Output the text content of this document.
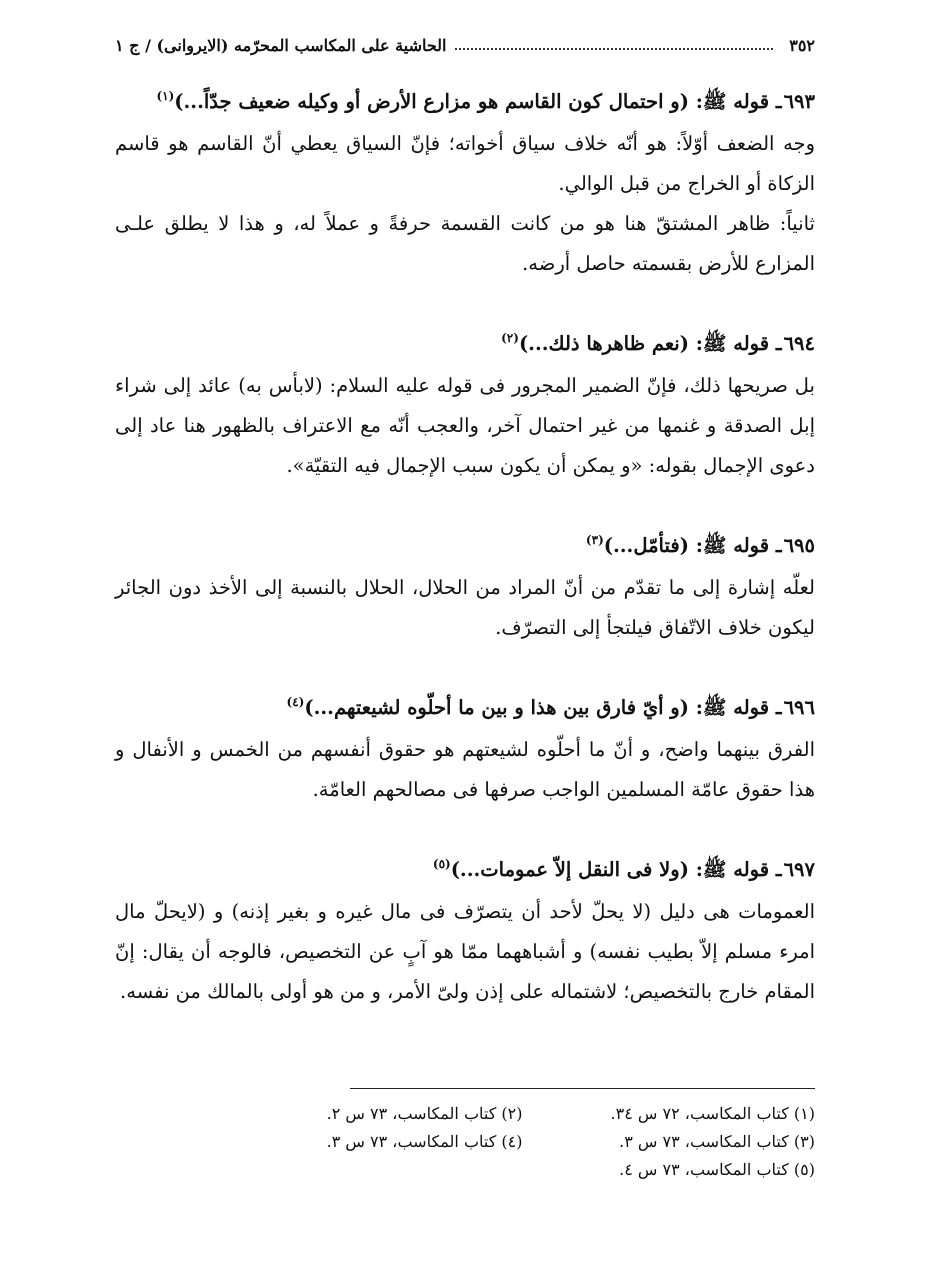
٣٥٢
الحاشية على المكاسب المحرّمه (الايروانى) / ج ١

٦٩٣ـ قوله ﷺ: (و احتمال كون القاسم هو مزارع الأرض أو وكيله ضعيف جدّاً...)$^{(١)}$

وجه الضعف أوّلاً: هو أنّه خلاف سياق أخواته؛ فإنّ السياق يعطي أنّ القاسم هو قاسم الزكاة أو الخراج من قبل الوالي.

ثانياً: ظاهر المشتقّ هنا هو من كانت القسمة حرفةً و عملاً له، و هذا لا يطلق علـى المزارع للأرض بقسمته حاصل أرضه.

٦٩٤ـ قوله ﷺ: (نعم ظاهرها ذلك...)$^{(٢)}$

بل صريحها ذلك، فإنّ الضمير المجرور فى قوله عليه السلام: (لابأس به) عائد إلى شراء إبل الصدقة و غنمها من غير احتمال آخر، والعجب أنّه مع الاعتراف بالظهور هنا عاد إلى دعوى الإجمال بقوله: «و يمكن أن يكون سبب الإجمال فيه التقيّة».

٦٩٥ـ قوله ﷺ: (فتأمّل...)$^{(٣)}$

لعلّه إشارة إلى ما تقدّم من أنّ المراد من الحلال، الحلال بالنسبة إلى الأخذ دون الجائر ليكون خلاف الاتّفاق فيلتجأ إلى التصرّف.

٦٩٦ـ قوله ﷺ: (و أيّ فارق بين هذا و بين ما أحلّوه لشيعتهم...)$^{(٤)}$

الفرق بينهما واضح، و أنّ ما أحلّوه لشيعتهم هو حقوق أنفسهم من الخمس و الأنفال و هذا حقوق عامّة المسلمين الواجب صرفها فى مصالحهم العامّة.

٦٩٧ـ قوله ﷺ: (ولا فى النقل إلاّ عمومات...)$^{(٥)}$

العمومات هى دليل (لا يحلّ لأحد أن يتصرّف فى مال غيره و بغير إذنه) و (لايحلّ مال امرء مسلم إلاّ بطيب نفسه) و أشباههما ممّا هو آبٍ عن التخصيص، فالوجه أن يقال: إنّ المقام خارج بالتخصيص؛ لاشتماله على إذن ولىّ الأمر، و من هو أولى بالمالك من نفسه.

(١) كتاب المكاسب، ٧٢ س ٣٤.
(٢) كتاب المكاسب، ٧٣ س ٢.
(٣) كتاب المكاسب، ٧٣ س ٣.
(٤) كتاب المكاسب، ٧٣ س ٣.
(٥) كتاب المكاسب، ٧٣ س ٤.
